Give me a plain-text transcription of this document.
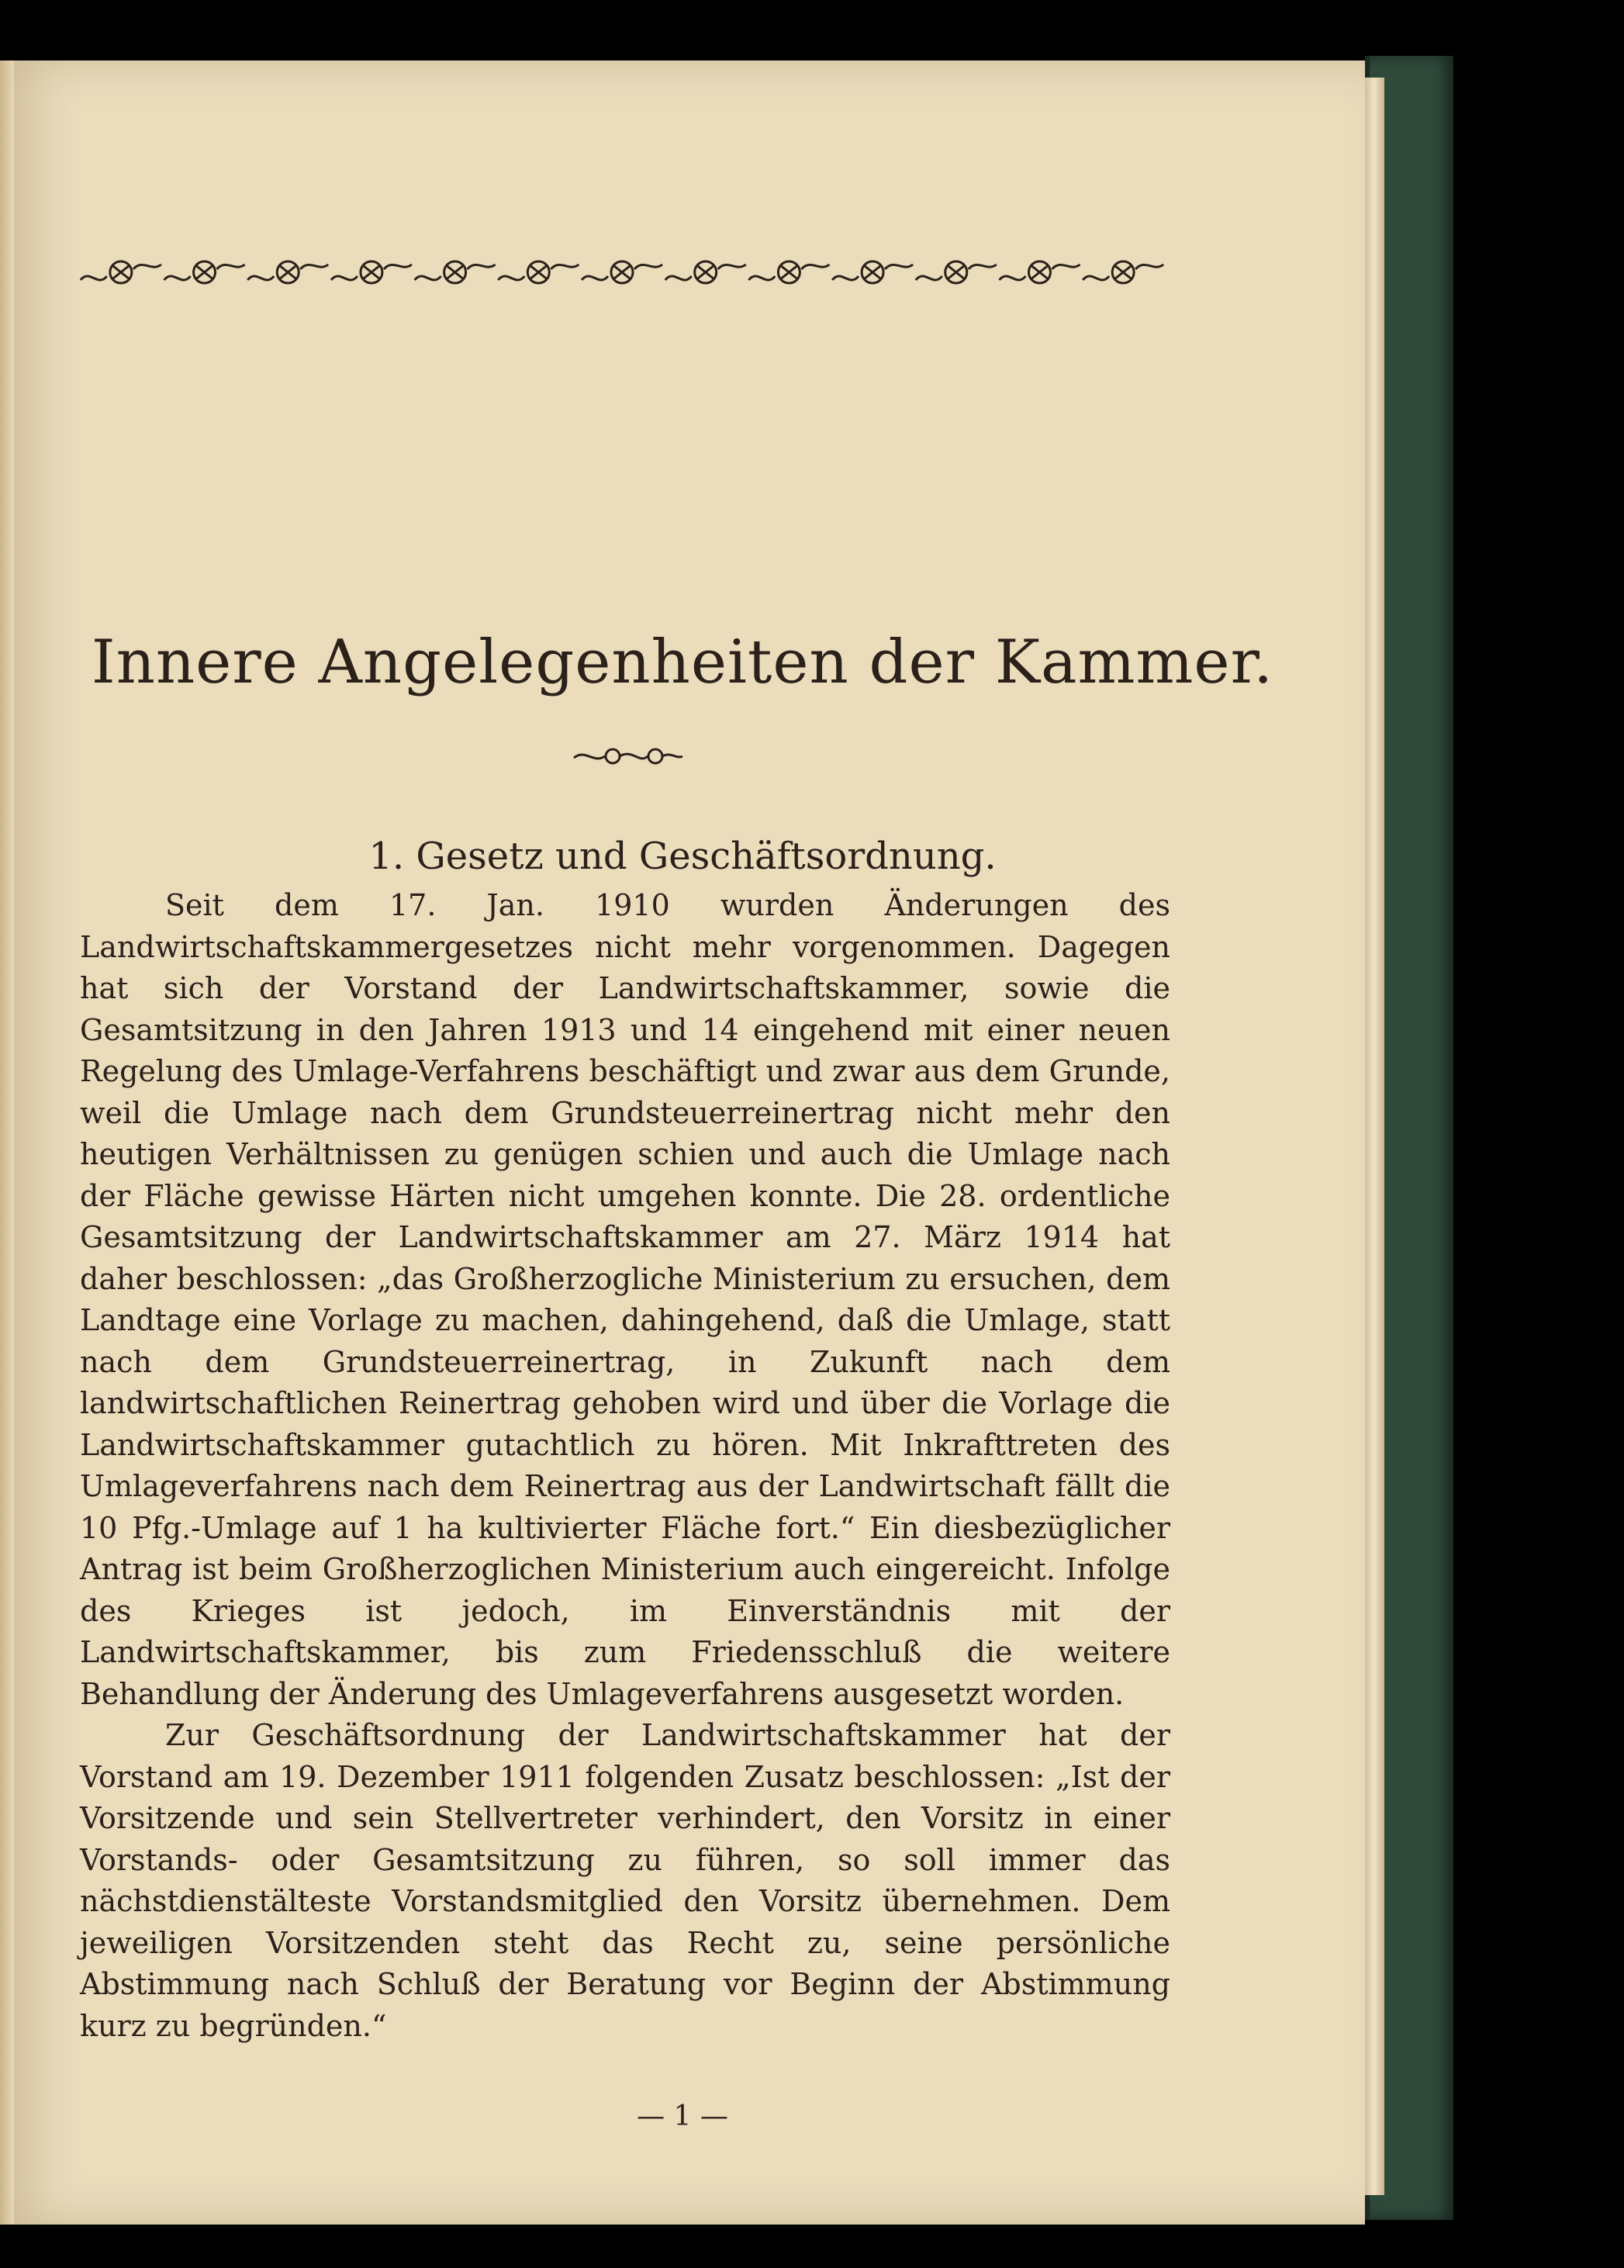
Innere Angelegenheiten der Kammer.
1. Gesetz und Geschäftsordnung.

Seit dem 17. Jan. 1910 wurden Änderungen des Landwirtschaftskammergesetzes nicht mehr vorgenommen. Dagegen hat sich der Vorstand der Landwirtschaftskammer, sowie die Gesamtsitzung in den Jahren 1913 und 14 eingehend mit einer neuen Regelung des Umlage-Verfahrens beschäftigt und zwar aus dem Grunde, weil die Umlage nach dem Grundsteuerreinertrag nicht mehr den heutigen Verhältnissen zu genügen schien und auch die Umlage nach der Fläche gewisse Härten nicht umgehen konnte. Die 28. ordentliche Gesamtsitzung der Landwirtschaftskammer am 27. März 1914 hat daher beschlossen: „das Großherzogliche Ministerium zu ersuchen, dem Landtage eine Vorlage zu machen, dahingehend, daß die Umlage, statt nach dem Grundsteuerreinertrag, in Zukunft nach dem landwirtschaftlichen Reinertrag gehoben wird und über die Vorlage die Landwirtschaftskammer gutachtlich zu hören. Mit Inkrafttreten des Umlageverfahrens nach dem Reinertrag aus der Landwirtschaft fällt die 10 Pfg.-Umlage auf 1 ha kultivierter Fläche fort.“ Ein diesbezüglicher Antrag ist beim Großherzoglichen Ministerium auch eingereicht. Infolge des Krieges ist jedoch, im Einverständnis mit der Landwirtschaftskammer, bis zum Friedensschluß die weitere Behandlung der Änderung des Umlageverfahrens ausgesetzt worden.

Zur Geschäftsordnung der Landwirtschaftskammer hat der Vorstand am 19. Dezember 1911 folgenden Zusatz beschlossen: „Ist der Vorsitzende und sein Stellvertreter verhindert, den Vorsitz in einer Vorstands- oder Gesamtsitzung zu führen, so soll immer das nächstdienstälteste Vorstandsmitglied den Vorsitz übernehmen. Dem jeweiligen Vorsitzenden steht das Recht zu, seine persönliche Abstimmung nach Schluß der Beratung vor Beginn der Abstimmung kurz zu begründen.“

— 1 —
